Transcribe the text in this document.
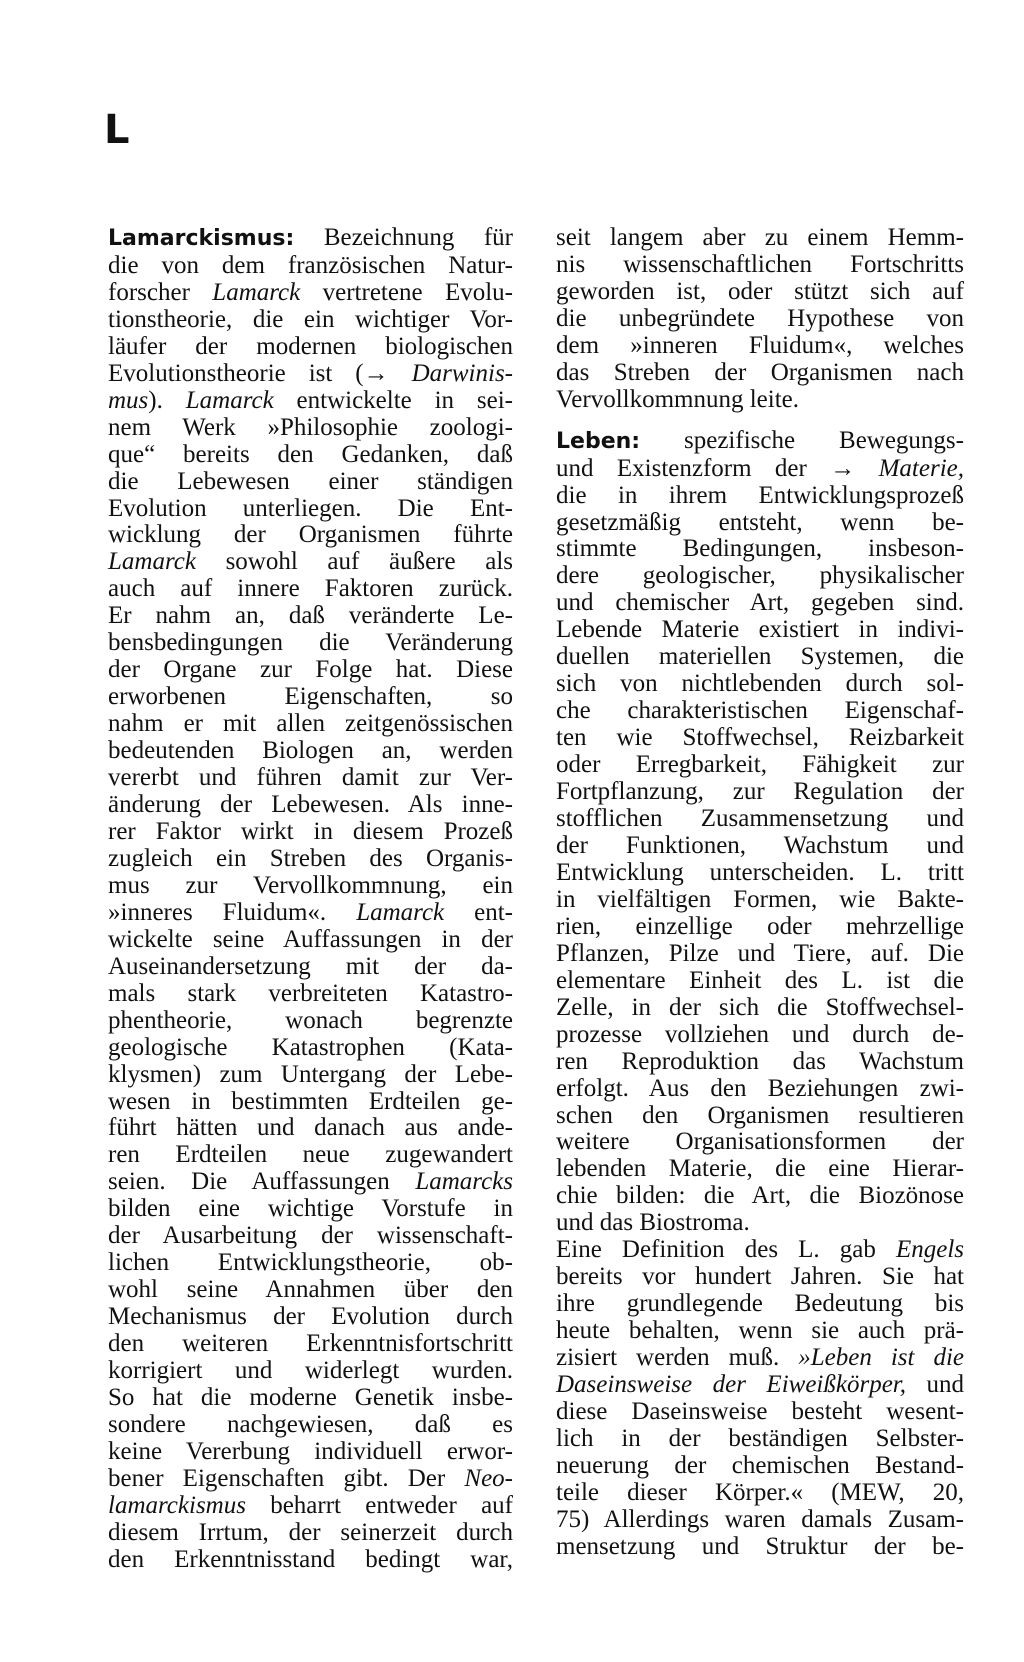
L
Lamarckismus: Bezeichnung für
die von dem französischen Natur-
forscher Lamarck vertretene Evolu-
tionstheorie, die ein wichtiger Vor-
läufer der modernen biologischen
Evolutionstheorie ist (→ Darwinis-
mus). Lamarck entwickelte in sei-
nem Werk »Philosophie zoologi-
que“ bereits den Gedanken, daß
die Lebewesen einer ständigen
Evolution unterliegen. Die Ent-
wicklung der Organismen führte
Lamarck sowohl auf äußere als
auch auf innere Faktoren zurück.
Er nahm an, daß veränderte Le-
bensbedingungen die Veränderung
der Organe zur Folge hat. Diese
erworbenen Eigenschaften, so
nahm er mit allen zeitgenössischen
bedeutenden Biologen an, werden
vererbt und führen damit zur Ver-
änderung der Lebewesen. Als inne-
rer Faktor wirkt in diesem Prozeß
zugleich ein Streben des Organis-
mus zur Vervollkommnung, ein
»inneres Fluidum«. Lamarck ent-
wickelte seine Auffassungen in der
Auseinandersetzung mit der da-
mals stark verbreiteten Katastro-
phentheorie, wonach begrenzte
geologische Katastrophen (Kata-
klysmen) zum Untergang der Lebe-
wesen in bestimmten Erdteilen ge-
führt hätten und danach aus ande-
ren Erdteilen neue zugewandert
seien. Die Auffassungen Lamarcks
bilden eine wichtige Vorstufe in
der Ausarbeitung der wissenschaft-
lichen Entwicklungstheorie, ob-
wohl seine Annahmen über den
Mechanismus der Evolution durch
den weiteren Erkenntnisfortschritt
korrigiert und widerlegt wurden.
So hat die moderne Genetik insbe-
sondere nachgewiesen, daß es
keine Vererbung individuell erwor-
bener Eigenschaften gibt. Der Neo-
lamarckismus beharrt entweder auf
diesem Irrtum, der seinerzeit durch
den Erkenntnisstand bedingt war,
seit langem aber zu einem Hemm-
nis wissenschaftlichen Fortschritts
geworden ist, oder stützt sich auf
die unbegründete Hypothese von
dem »inneren Fluidum«, welches
das Streben der Organismen nach
Vervollkommnung leite.
Leben: spezifische Bewegungs-
und Existenzform der → Materie,
die in ihrem Entwicklungsprozeß
gesetzmäßig entsteht, wenn be-
stimmte Bedingungen, insbeson-
dere geologischer, physikalischer
und chemischer Art, gegeben sind.
Lebende Materie existiert in indivi-
duellen materiellen Systemen, die
sich von nichtlebenden durch sol-
che charakteristischen Eigenschaf-
ten wie Stoffwechsel, Reizbarkeit
oder Erregbarkeit, Fähigkeit zur
Fortpflanzung, zur Regulation der
stofflichen Zusammensetzung und
der Funktionen, Wachstum und
Entwicklung unterscheiden. L. tritt
in vielfältigen Formen, wie Bakte-
rien, einzellige oder mehrzellige
Pflanzen, Pilze und Tiere, auf. Die
elementare Einheit des L. ist die
Zelle, in der sich die Stoffwechsel-
prozesse vollziehen und durch de-
ren Reproduktion das Wachstum
erfolgt. Aus den Beziehungen zwi-
schen den Organismen resultieren
weitere Organisationsformen der
lebenden Materie, die eine Hierar-
chie bilden: die Art, die Biozönose
und das Biostroma.
Eine Definition des L. gab Engels
bereits vor hundert Jahren. Sie hat
ihre grundlegende Bedeutung bis
heute behalten, wenn sie auch prä-
zisiert werden muß. »Leben ist die
Daseinsweise der Eiweißkörper, und
diese Daseinsweise besteht wesent-
lich in der beständigen Selbster-
neuerung der chemischen Bestand-
teile dieser Körper.« (MEW, 20,
75) Allerdings waren damals Zusam-
mensetzung und Struktur der be-
